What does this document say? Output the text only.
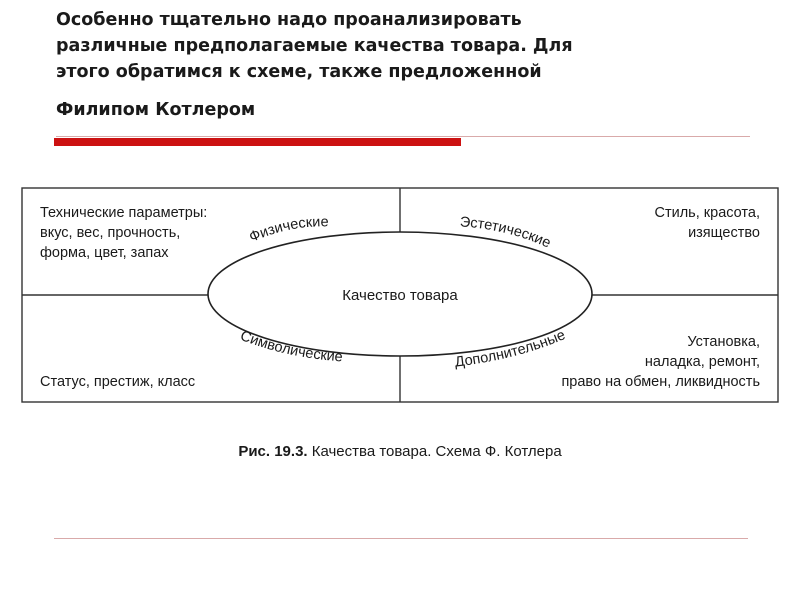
Особенно тщательно надо проанализировать
различные предполагаемые качества товара. Для
этого обратимся к схеме, также предложенной
Филипом Котлером
Качество товара
Физические	Эстетические
Символические	Дополнительные
Технические параметры:
вкус, вес, прочность,
форма, цвет, запах
Стиль, красота,
изящество
Статус, престиж, класс
Установка,
наладка, ремонт,
право на обмен, ликвидность
Рис. 19.3. Качества товара. Схема Ф. Котлера
